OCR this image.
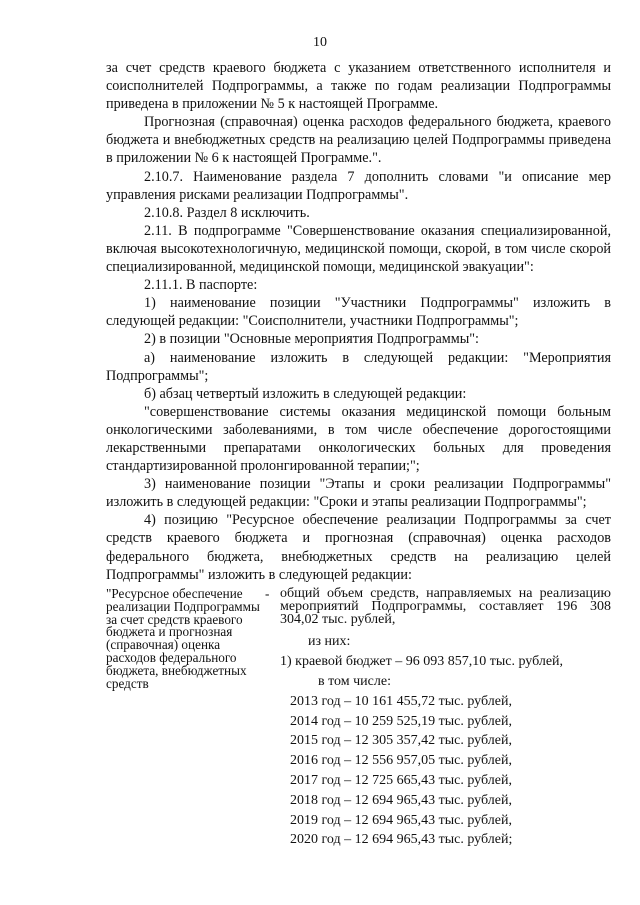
10

за счет средств краевого бюджета с указанием ответственного исполнителя и соисполнителей Подпрограммы, а также по годам реализации Подпрограммы приведена в приложении № 5 к настоящей Программе.

Прогнозная (справочная) оценка расходов федерального бюджета, краевого бюджета и внебюджетных средств на реализацию целей Подпрограммы приведена в приложении № 6 к настоящей Программе.".

2.10.7. Наименование раздела 7 дополнить словами "и описание мер управления рисками реализации Подпрограммы".

2.10.8. Раздел 8 исключить.

2.11. В подпрограмме "Совершенствование оказания специализированной, включая высокотехнологичную, медицинской помощи, скорой, в том числе скорой специализированной, медицинской помощи, медицинской эвакуации":

2.11.1. В паспорте:

1) наименование позиции "Участники Подпрограммы" изложить в следующей редакции: "Соисполнители, участники Подпрограммы";

2) в позиции "Основные мероприятия Подпрограммы":

а) наименование изложить в следующей редакции: "Мероприятия Подпрограммы";

б) абзац четвертый изложить в следующей редакции:

"совершенствование системы оказания медицинской помощи больным онкологическими заболеваниями, в том числе обеспечение дорогостоящими лекарственными препаратами онкологических больных для проведения стандартизированной пролонгированной терапии;";

3) наименование позиции "Этапы и сроки реализации Подпрограммы" изложить в следующей редакции: "Сроки и этапы реализации Подпрограммы";

4) позицию "Ресурсное обеспечение реализации Подпрограммы за счет средств краевого бюджета и прогнозная (справочная) оценка расходов федерального бюджета, внебюджетных средств на реализацию целей Подпрограммы" изложить в следующей редакции:

"Ресурсное обеспечение реализации Подпрограммы за счет средств краевого бюджета и прогнозная (справочная) оценка расходов федерального бюджета, внебюджетных средств
- общий объем средств, направляемых на реализацию мероприятий Подпрограммы, составляет 196 308 304,02 тыс. рублей,

из них:

1) краевой бюджет – 96 093 857,10 тыс. рублей,

в том числе:

2013 год – 10 161 455,72 тыс. рублей,

2014 год – 10 259 525,19 тыс. рублей,

2015 год – 12 305 357,42 тыс. рублей,

2016 год – 12 556 957,05 тыс. рублей,

2017 год – 12 725 665,43 тыс. рублей,

2018 год – 12 694 965,43 тыс. рублей,

2019 год – 12 694 965,43 тыс. рублей,

2020 год – 12 694 965,43 тыс. рублей;
